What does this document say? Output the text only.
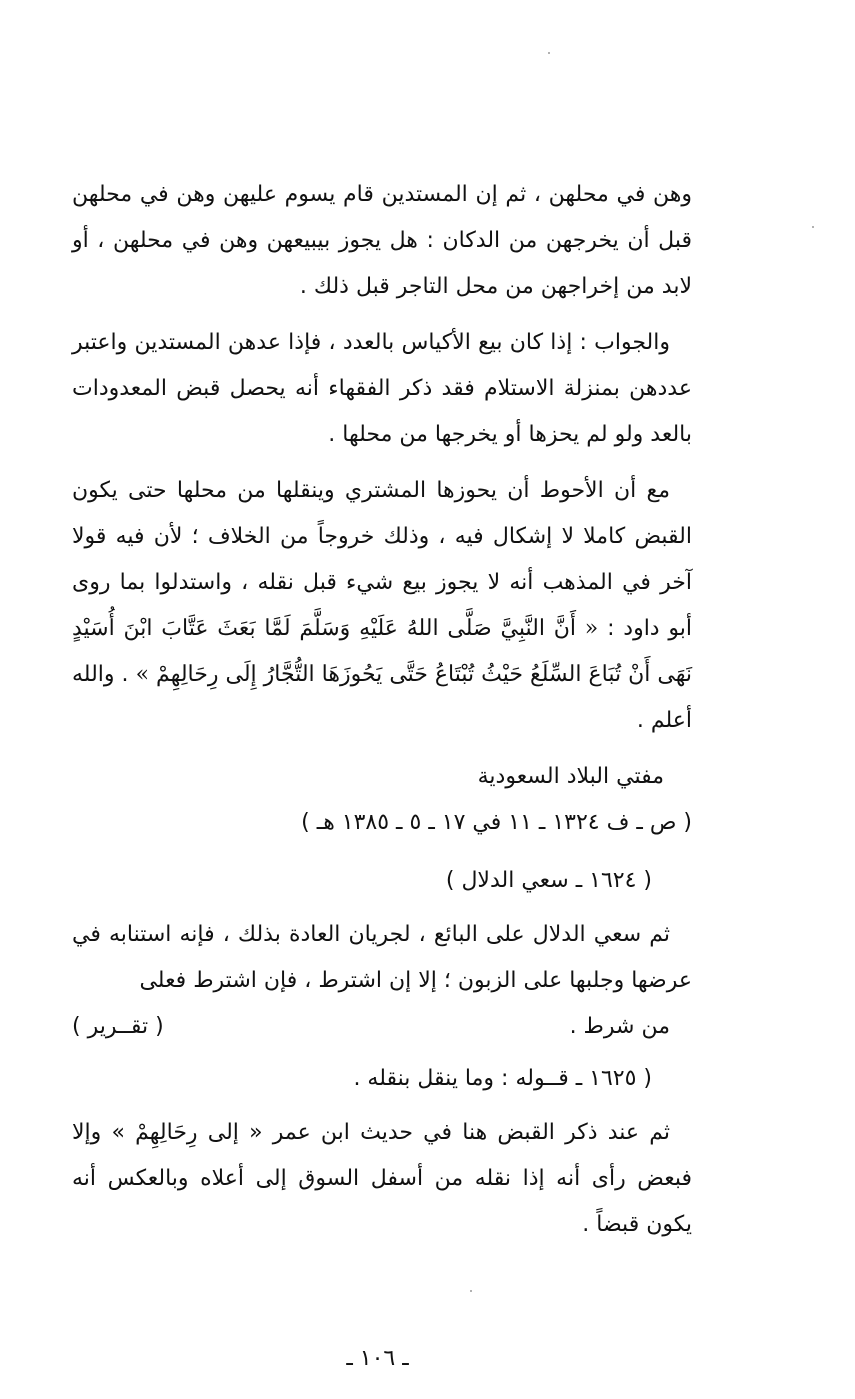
وهن في محلهن ، ثم إن المستدين قام يسوم عليهن وهن في محلهن قبل أن يخرجهن من الدكان : هل يجوز بيبيعهن وهن في محلهن ، أو لابد من إخراجهن من محل التاجر قبل ذلك .

والجواب : إذا كان بيع الأكياس بالعدد ، فإذا عدهن المستدين واعتبر عددهن بمنزلة الاستلام فقد ذكر الفقهاء أنه يحصل قبض المعدودات بالعد ولو لم يحزها أو يخرجها من محلها .

مع أن الأحوط أن يحوزها المشتري وينقلها من محلها حتى يكون القبض كاملا لا إشكال فيه ، وذلك خروجاً من الخلاف ؛ لأن فيه قولا آخر في المذهب أنه لا يجوز بيع شيء قبل نقله ، واستدلوا بما روى أبو داود : « أَنَّ النَّبِيَّ صَلَّى اللهُ عَلَيْهِ وَسَلَّمَ لَمَّا بَعَثَ عَتَّابَ ابْنَ أُسَيْدٍ نَهَى أَنْ تُبَاعَ السِّلَعُ حَيْثُ تُبْتَاعُ حَتَّى يَحُوزَهَا التُّجَّارُ إِلَى رِحَالِهِمْ » . والله أعلم .

مفتي البلاد السعودية

( ص ـ ف ١٣٢٤ ـ ١١ في ١٧ ـ ٥ ـ ١٣٨٥ هـ )

( ١٦٢٤ ـ سعي الدلال )

ثم سعي الدلال على البائع ، لجريان العادة بذلك ، فإنه استنابه في عرضها وجلبها على الزبون ؛ إلا إن اشترط ، فإن اشترط فعلى
من شرط .
( تقــرير )

( ١٦٢٥ ـ قــوله : وما ينقل بنقله .

ثم عند ذكر القبض هنا في حديث ابن عمر « إلى رِحَالِهِمْ » وإلا فبعض رأى أنه إذا نقله من أسفل السوق إلى أعلاه وبالعكس أنه يكون قبضاً .

ـ ١٠٦ ـ
